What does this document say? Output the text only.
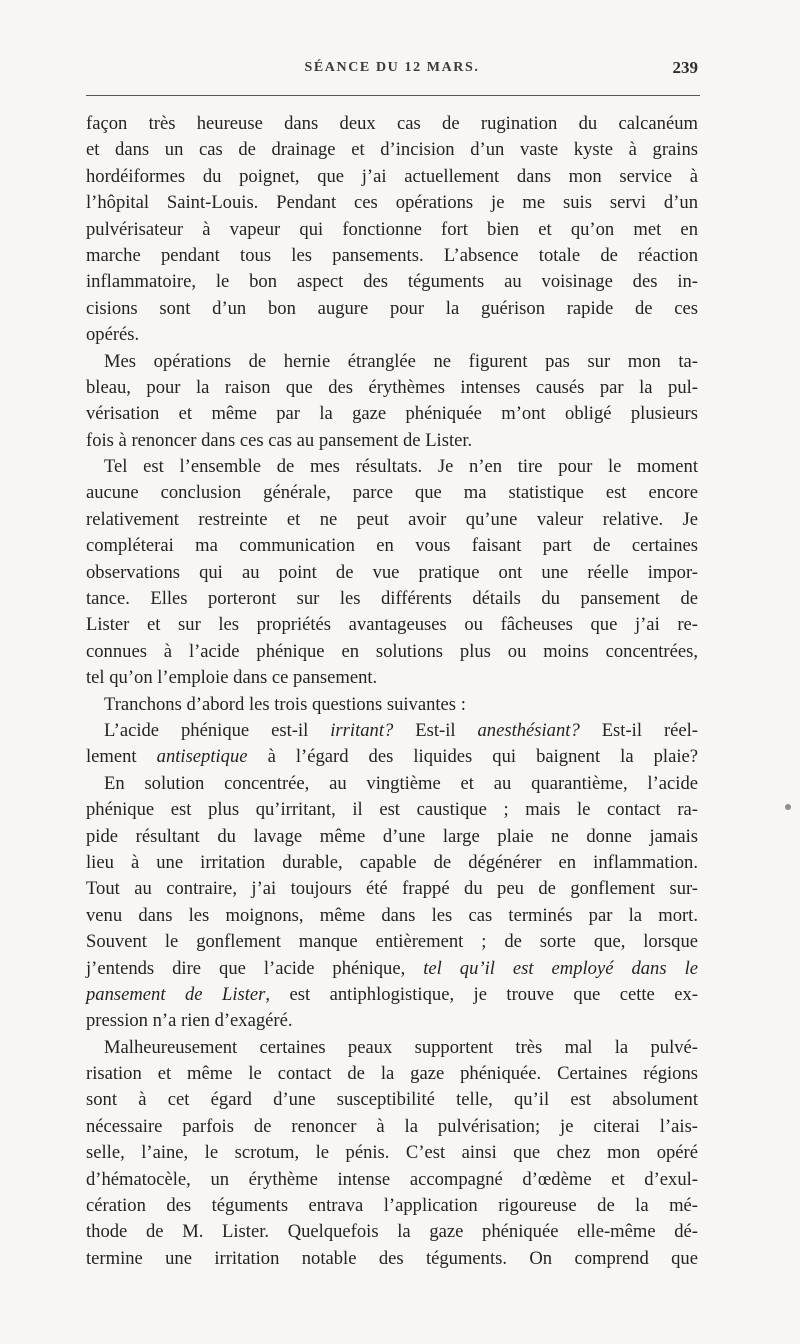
SÉANCE DU 12 MARS.	239
façon très heureuse dans deux cas de rugination du calcanéum
et dans un cas de drainage et d’incision d’un vaste kyste à grains
hordéiformes du poignet, que j’ai actuellement dans mon service à
l’hôpital Saint-Louis. Pendant ces opérations je me suis servi d’un
pulvérisateur à vapeur qui fonctionne fort bien et qu’on met en
marche pendant tous les pansements. L’absence totale de réaction
inflammatoire, le bon aspect des téguments au voisinage des in-
cisions sont d’un bon augure pour la guérison rapide de ces
opérés.
Mes opérations de hernie étranglée ne figurent pas sur mon ta-
bleau, pour la raison que des érythèmes intenses causés par la pul-
vérisation et même par la gaze phéniquée m’ont obligé plusieurs
fois à renoncer dans ces cas au pansement de Lister.
Tel est l’ensemble de mes résultats. Je n’en tire pour le moment
aucune conclusion générale, parce que ma statistique est encore
relativement restreinte et ne peut avoir qu’une valeur relative. Je
compléterai ma communication en vous faisant part de certaines
observations qui au point de vue pratique ont une réelle impor-
tance. Elles porteront sur les différents détails du pansement de
Lister et sur les propriétés avantageuses ou fâcheuses que j’ai re-
connues à l’acide phénique en solutions plus ou moins concentrées,
tel qu’on l’emploie dans ce pansement.
Tranchons d’abord les trois questions suivantes :
L’acide phénique est-il irritant? Est-il anesthésiant? Est-il réel-
lement antiseptique à l’égard des liquides qui baignent la plaie?
En solution concentrée, au vingtième et au quarantième, l’acide
phénique est plus qu’irritant, il est caustique ; mais le contact ra-
pide résultant du lavage même d’une large plaie ne donne jamais
lieu à une irritation durable, capable de dégénérer en inflammation.
Tout au contraire, j’ai toujours été frappé du peu de gonflement sur-
venu dans les moignons, même dans les cas terminés par la mort.
Souvent le gonflement manque entièrement ; de sorte que, lorsque
j’entends dire que l’acide phénique, tel qu’il est employé dans le
pansement de Lister, est antiphlogistique, je trouve que cette ex-
pression n’a rien d’exagéré.
Malheureusement certaines peaux supportent très mal la pulvé-
risation et même le contact de la gaze phéniquée. Certaines régions
sont à cet égard d’une susceptibilité telle, qu’il est absolument
nécessaire parfois de renoncer à la pulvérisation; je citerai l’ais-
selle, l’aine, le scrotum, le pénis. C’est ainsi que chez mon opéré
d’hématocèle, un érythème intense accompagné d’œdème et d’exul-
cération des téguments entrava l’application rigoureuse de la mé-
thode de M. Lister. Quelquefois la gaze phéniquée elle-même dé-
termine une irritation notable des téguments. On comprend que
